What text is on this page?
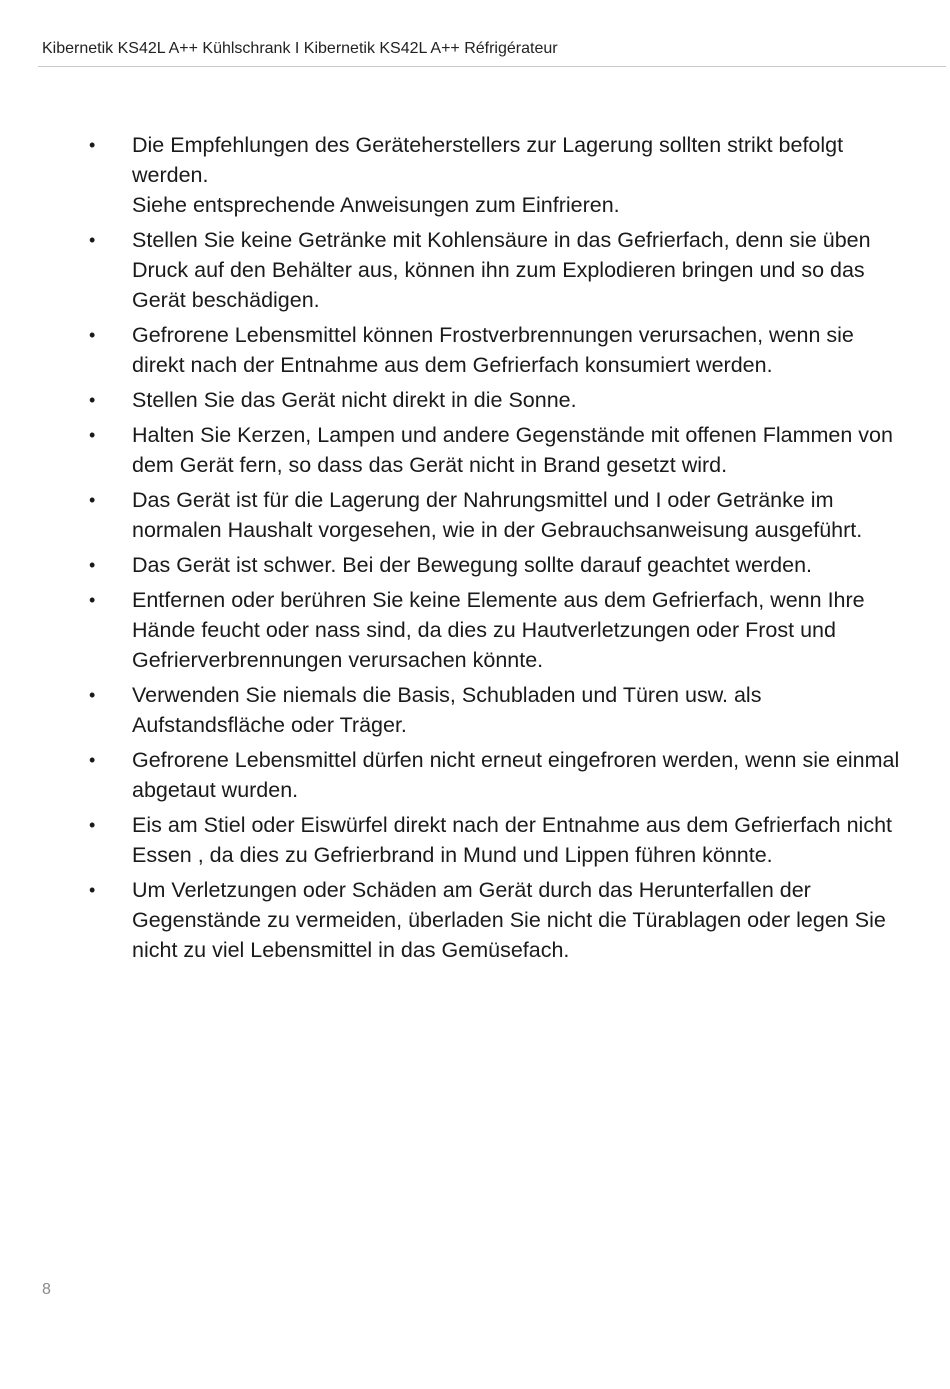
Kibernetik KS42L A++ Kühlschrank I Kibernetik KS42L A++ Réfrigérateur
• Die Empfehlungen des Geräteherstellers zur Lagerung sollten strikt befolgt werden.
Siehe entsprechende Anweisungen zum Einfrieren.
• Stellen Sie keine Getränke mit Kohlensäure in das Gefrierfach, denn sie üben Druck auf den Behälter aus, können ihn zum Explodieren bringen und so das Gerät beschädigen.
• Gefrorene Lebensmittel können Frostverbrennungen verursachen, wenn sie direkt nach der Entnahme aus dem Gefrierfach konsumiert werden.
• Stellen Sie das Gerät nicht direkt in die Sonne.
• Halten Sie Kerzen, Lampen und andere Gegenstände mit offenen Flammen von dem Gerät fern, so dass das Gerät nicht in Brand gesetzt wird.
• Das Gerät ist für die Lagerung der Nahrungsmittel und I oder Getränke im normalen Haushalt vorgesehen, wie in der Gebrauchsanweisung ausgeführt.
• Das Gerät ist schwer. Bei der Bewegung sollte darauf geachtet werden.
• Entfernen oder berühren Sie keine Elemente aus dem Gefrierfach, wenn Ihre Hände feucht oder nass sind, da dies zu Hautverletzungen oder Frost und Gefrierverbrennungen verursachen könnte.
• Verwenden Sie niemals die Basis, Schubladen und Türen usw. als Aufstandsfläche oder Träger.
• Gefrorene Lebensmittel dürfen nicht erneut eingefroren werden, wenn sie einmal abgetaut wurden.
• Eis am Stiel oder Eiswürfel direkt nach der Entnahme aus dem Gefrierfach nicht Essen , da dies zu Gefrierbrand in Mund und Lippen führen könnte.
• Um Verletzungen oder Schäden am Gerät durch das Herunterfallen der Gegenstände zu vermeiden, überladen Sie nicht die Türablagen oder legen Sie nicht zu viel Lebensmittel in das Gemüsefach.
8
